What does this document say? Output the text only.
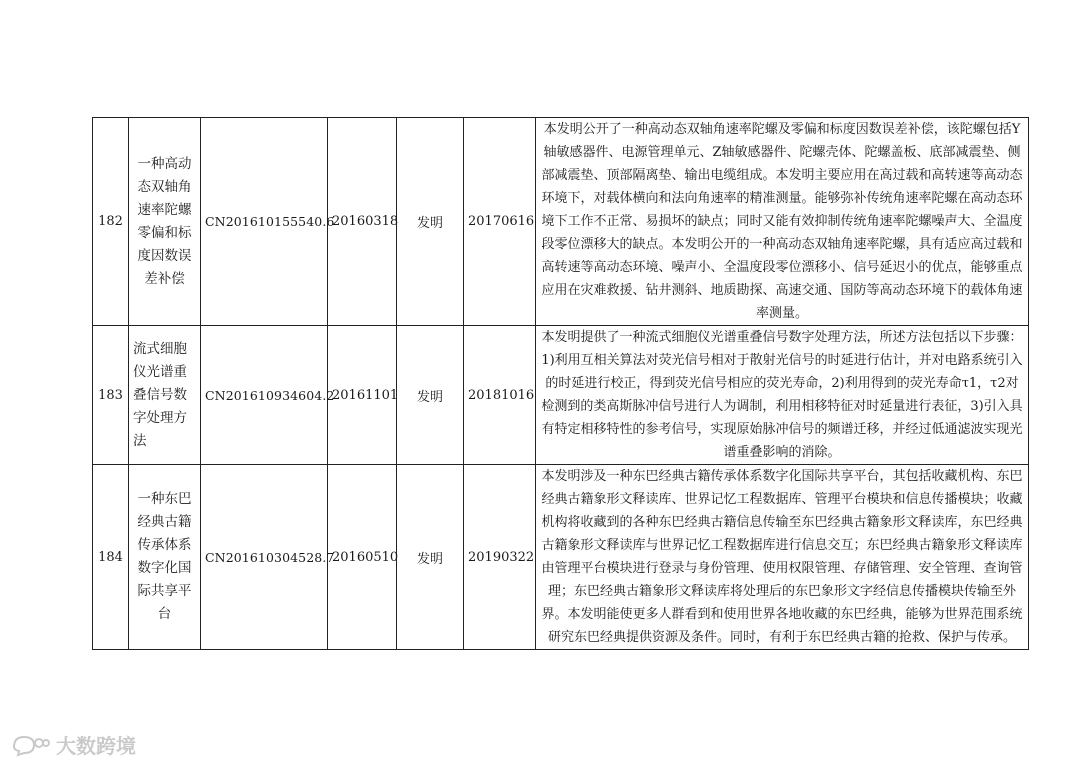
182	一种高动态双轴角速率陀螺零偏和标度因数误差补偿	CN201610155540.6	20160318	发明	20170616	本发明公开了一种高动态双轴角速率陀螺及零偏和标度因数误差补偿，该陀螺包括Y轴敏感器件、电源管理单元、Z轴敏感器件、陀螺壳体、陀螺盖板、底部减震垫、侧部减震垫、顶部隔离垫、输出电缆组成。本发明主要应用在高过载和高转速等高动态环境下，对载体横向和法向角速率的精准测量。能够弥补传统角速率陀螺在高动态环境下工作不正常、易损坏的缺点；同时又能有效抑制传统角速率陀螺噪声大、全温度段零位漂移大的缺点。本发明公开的一种高动态双轴角速率陀螺，具有适应高过载和高转速等高动态环境、噪声小、全温度段零位漂移小、信号延迟小的优点，能够重点应用在灾难救援、钻井测斜、地质勘探、高速交通、国防等高动态环境下的载体角速率测量。
183	流式细胞仪光谱重叠信号数字处理方法	CN201610934604.2	20161101	发明	20181016	本发明提供了一种流式细胞仪光谱重叠信号数字处理方法，所述方法包括以下步骤：1)利用互相关算法对荧光信号相对于散射光信号的时延进行估计，并对电路系统引入的时延进行校正，得到荧光信号相应的荧光寿命，2)利用得到的荧光寿命τ1，τ2对检测到的类高斯脉冲信号进行人为调制，利用相移特征对时延量进行表征，3)引入具有特定相移特性的参考信号，实现原始脉冲信号的频谱迁移，并经过低通滤波实现光谱重叠影响的消除。
184	一种东巴经典古籍传承体系数字化国际共享平台	CN201610304528.7	20160510	发明	20190322	本发明涉及一种东巴经典古籍传承体系数字化国际共享平台，其包括收藏机构、东巴经典古籍象形文释读库、世界记忆工程数据库、管理平台模块和信息传播模块；收藏机构将收藏到的各种东巴经典古籍信息传输至东巴经典古籍象形文释读库，东巴经典古籍象形文释读库与世界记忆工程数据库进行信息交互；东巴经典古籍象形文释读库由管理平台模块进行登录与身份管理、使用权限管理、存储管理、安全管理、查询管理；东巴经典古籍象形文释读库将处理后的东巴象形文字经信息传播模块传输至外界。本发明能使更多人群看到和使用世界各地收藏的东巴经典，能够为世界范围系统研究东巴经典提供资源及条件。同时，有利于东巴经典古籍的抢救、保护与传承。
大数跨境
